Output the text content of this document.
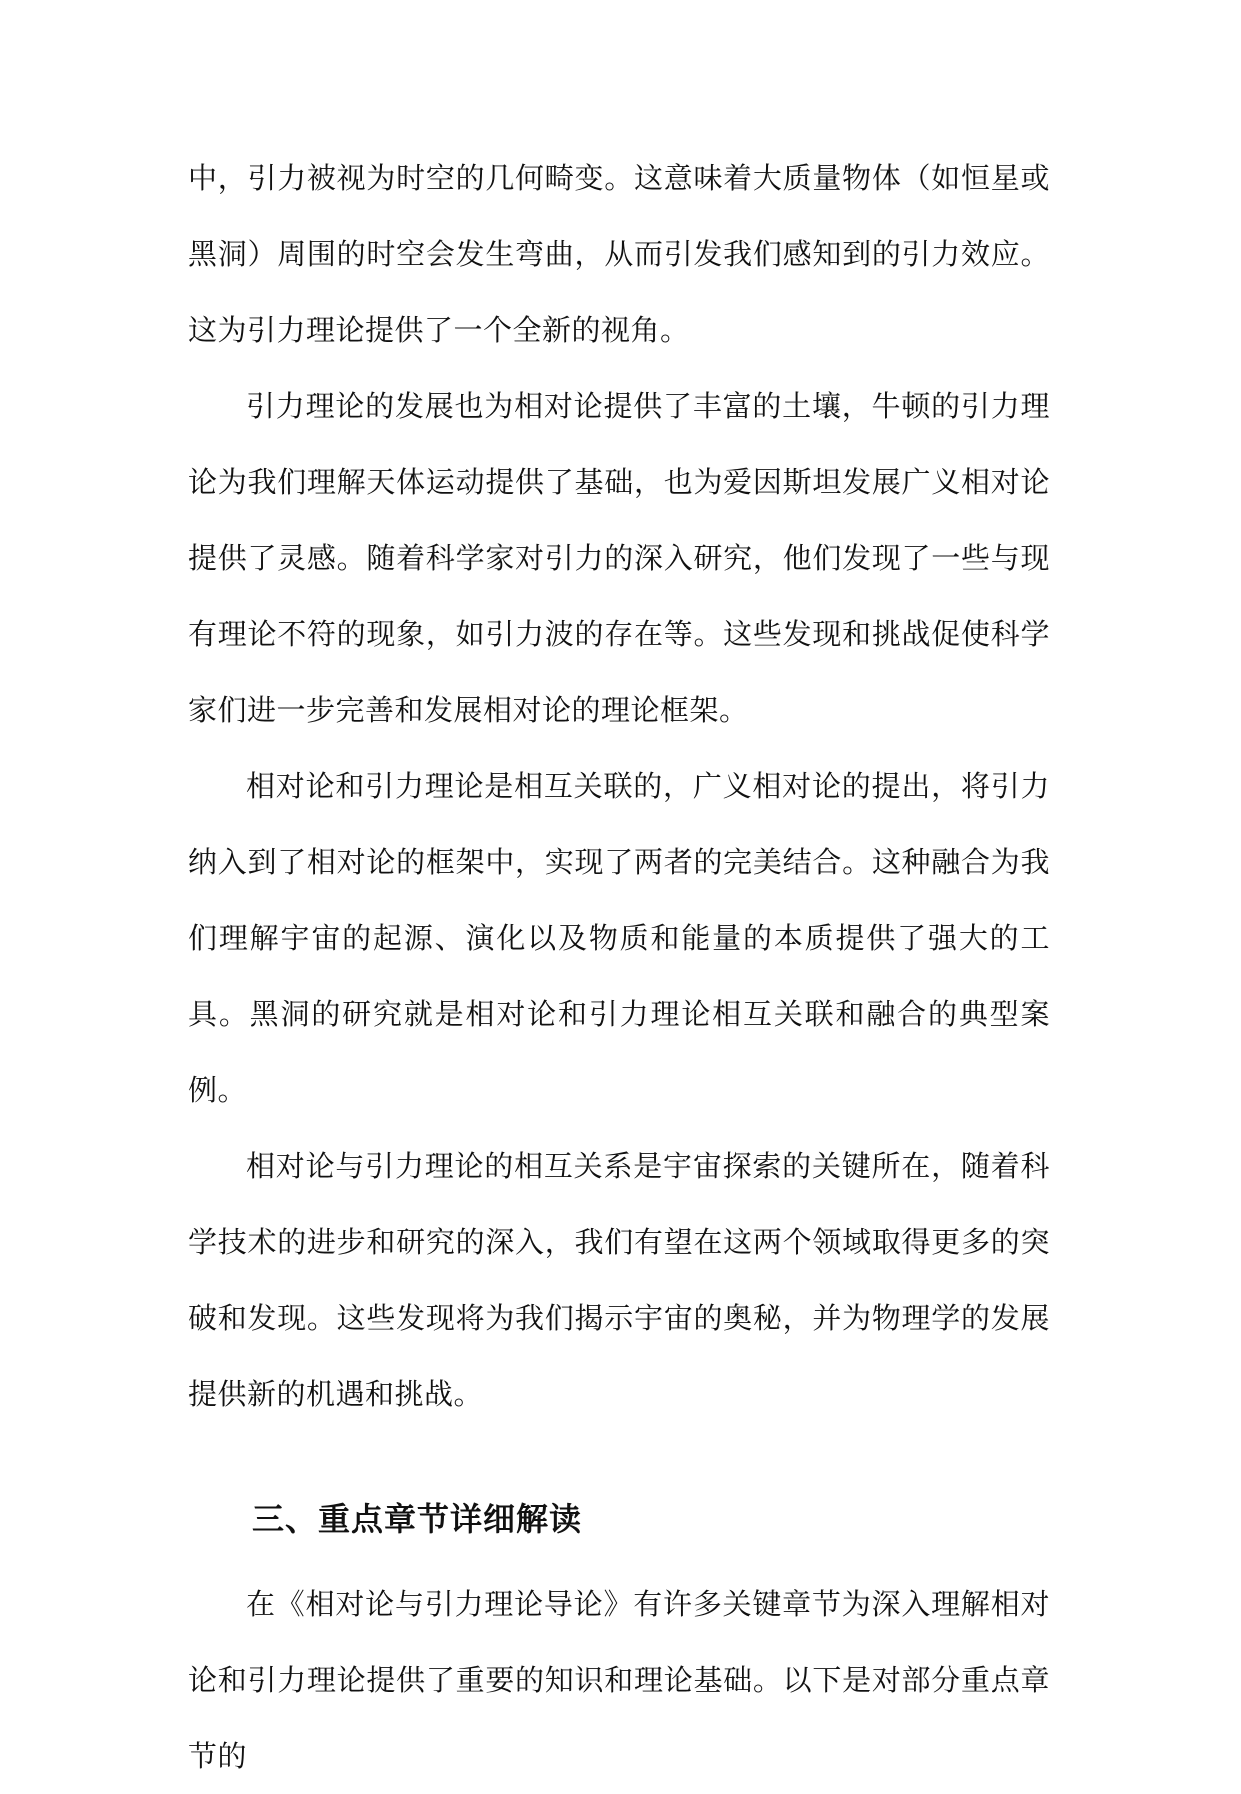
中，引力被视为时空的几何畸变。这意味着大质量物体（如恒星或黑洞）周围的时空会发生弯曲，从而引发我们感知到的引力效应。这为引力理论提供了一个全新的视角。

引力理论的发展也为相对论提供了丰富的土壤，牛顿的引力理论为我们理解天体运动提供了基础，也为爱因斯坦发展广义相对论提供了灵感。随着科学家对引力的深入研究，他们发现了一些与现有理论不符的现象，如引力波的存在等。这些发现和挑战促使科学家们进一步完善和发展相对论的理论框架。

相对论和引力理论是相互关联的，广义相对论的提出，将引力纳入到了相对论的框架中，实现了两者的完美结合。这种融合为我们理解宇宙的起源、演化以及物质和能量的本质提供了强大的工具。黑洞的研究就是相对论和引力理论相互关联和融合的典型案例。

相对论与引力理论的相互关系是宇宙探索的关键所在，随着科学技术的进步和研究的深入，我们有望在这两个领域取得更多的突破和发现。这些发现将为我们揭示宇宙的奥秘，并为物理学的发展提供新的机遇和挑战。

三、重点章节详细解读

在《相对论与引力理论导论》有许多关键章节为深入理解相对论和引力理论提供了重要的知识和理论基础。以下是对部分重点章节的
